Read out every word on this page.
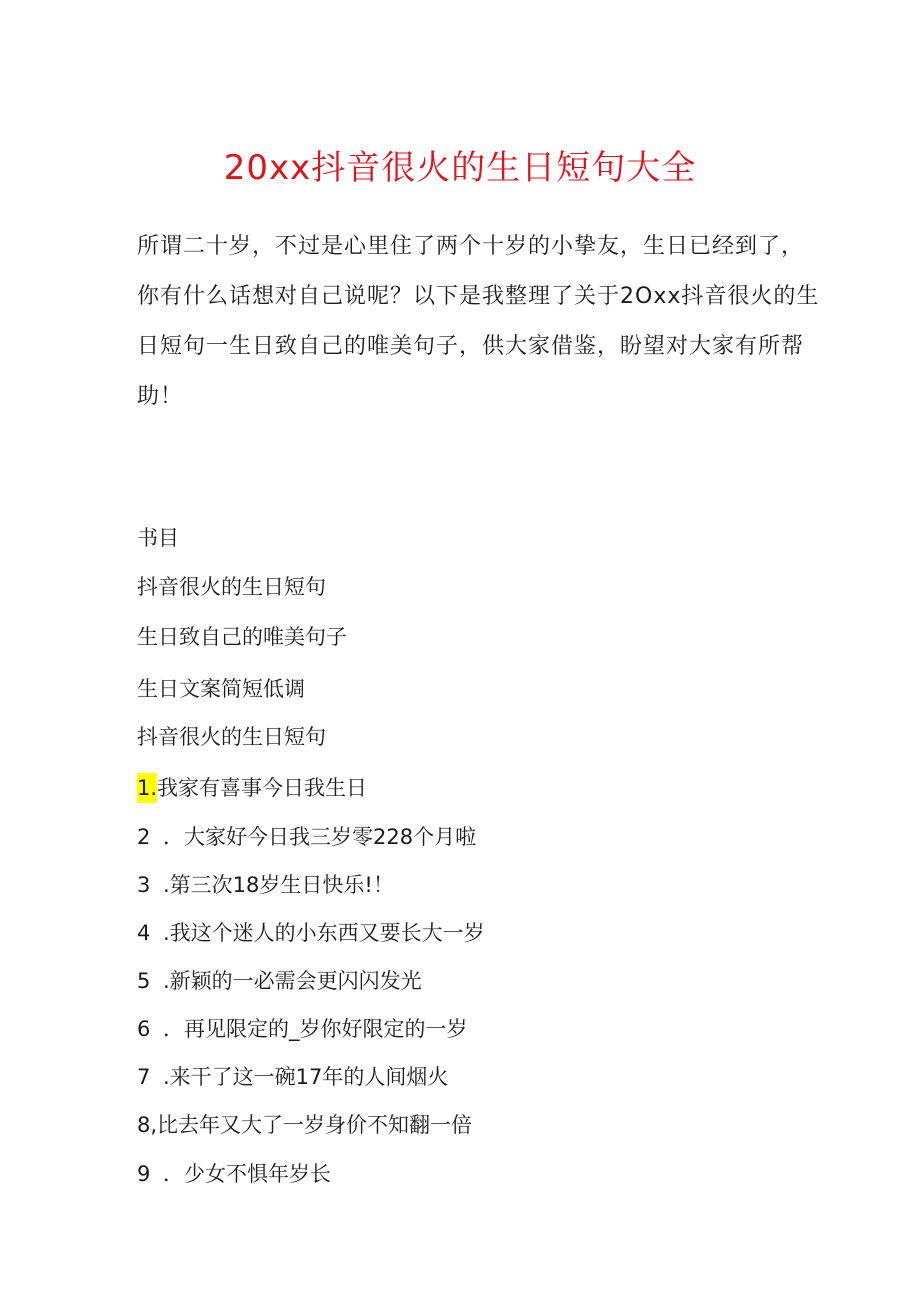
20xx抖音很火的生日短句大全

所谓二十岁，不过是心里住了两个十岁的小挚友，生日已经到了，

你有什么话想对自己说呢？以下是我整理了关于2Oxx抖音很火的生

日短句一生日致自己的唯美句子，供大家借鉴，盼望对大家有所帮

助！

书目
抖音很火的生日短句
生日致自己的唯美句子
生日文案简短低调
抖音很火的生日短句
1.我家有喜事今日我生日
2 ．大家好今日我三岁零228个月啦
3 .第三次18岁生日快乐!！
4 .我这个迷人的小东西又要长大一岁
5 .新颖的一必需会更闪闪发光
6 ．再见限定的_岁你好限定的一岁
7 .来干了这一碗17年的人间烟火
8,比去年又大了一岁身价不知翻一倍
9 ．少女不惧年岁长
